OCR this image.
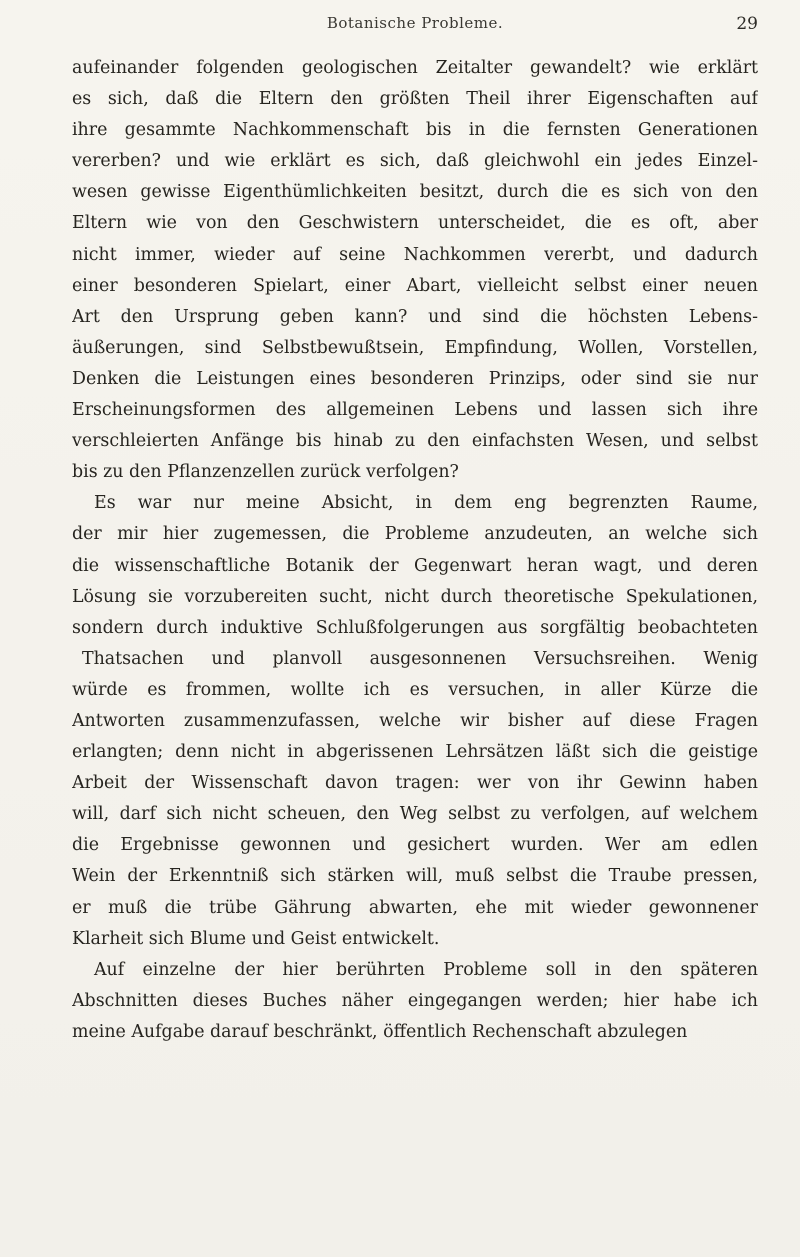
Botanische Probleme.	29
aufeinander folgenden geologischen Zeitalter gewandelt? wie erklärt
es sich, daß die Eltern den größten Theil ihrer Eigenschaften auf
ihre gesammte Nachkommenschaft bis in die fernsten Generationen
vererben? und wie erklärt es sich, daß gleichwohl ein jedes Einzel-
wesen gewisse Eigenthümlichkeiten besitzt, durch die es sich von den
Eltern wie von den Geschwistern unterscheidet, die es oft, aber
nicht immer, wieder auf seine Nachkommen vererbt, und dadurch
einer besonderen Spielart, einer Abart, vielleicht selbst einer neuen
Art den Ursprung geben kann? und sind die höchsten Lebens-
äußerungen, sind Selbstbewußtsein, Empfindung, Wollen, Vorstellen,
Denken die Leistungen eines besonderen Prinzips, oder sind sie nur
Erscheinungsformen des allgemeinen Lebens und lassen sich ihre
verschleierten Anfänge bis hinab zu den einfachsten Wesen, und selbst
bis zu den Pflanzenzellen zurück verfolgen?
Es war nur meine Absicht, in dem eng begrenzten Raume,
der mir hier zugemessen, die Probleme anzudeuten, an welche sich
die wissenschaftliche Botanik der Gegenwart heran wagt, und deren
Lösung sie vorzubereiten sucht, nicht durch theoretische Spekulationen,
sondern durch induktive Schlußfolgerungen aus sorgfältig beobachteten
Thatsachen und planvoll ausgesonnenen Versuchsreihen. Wenig
würde es frommen, wollte ich es versuchen, in aller Kürze die
Antworten zusammenzufassen, welche wir bisher auf diese Fragen
erlangten; denn nicht in abgerissenen Lehrsätzen läßt sich die geistige
Arbeit der Wissenschaft davon tragen: wer von ihr Gewinn haben
will, darf sich nicht scheuen, den Weg selbst zu verfolgen, auf welchem
die Ergebnisse gewonnen und gesichert wurden. Wer am edlen
Wein der Erkenntniß sich stärken will, muß selbst die Traube pressen,
er muß die trübe Gährung abwarten, ehe mit wieder gewonnener
Klarheit sich Blume und Geist entwickelt.
Auf einzelne der hier berührten Probleme soll in den späteren
Abschnitten dieses Buches näher eingegangen werden; hier habe ich
meine Aufgabe darauf beschränkt, öffentlich Rechenschaft abzulegen
